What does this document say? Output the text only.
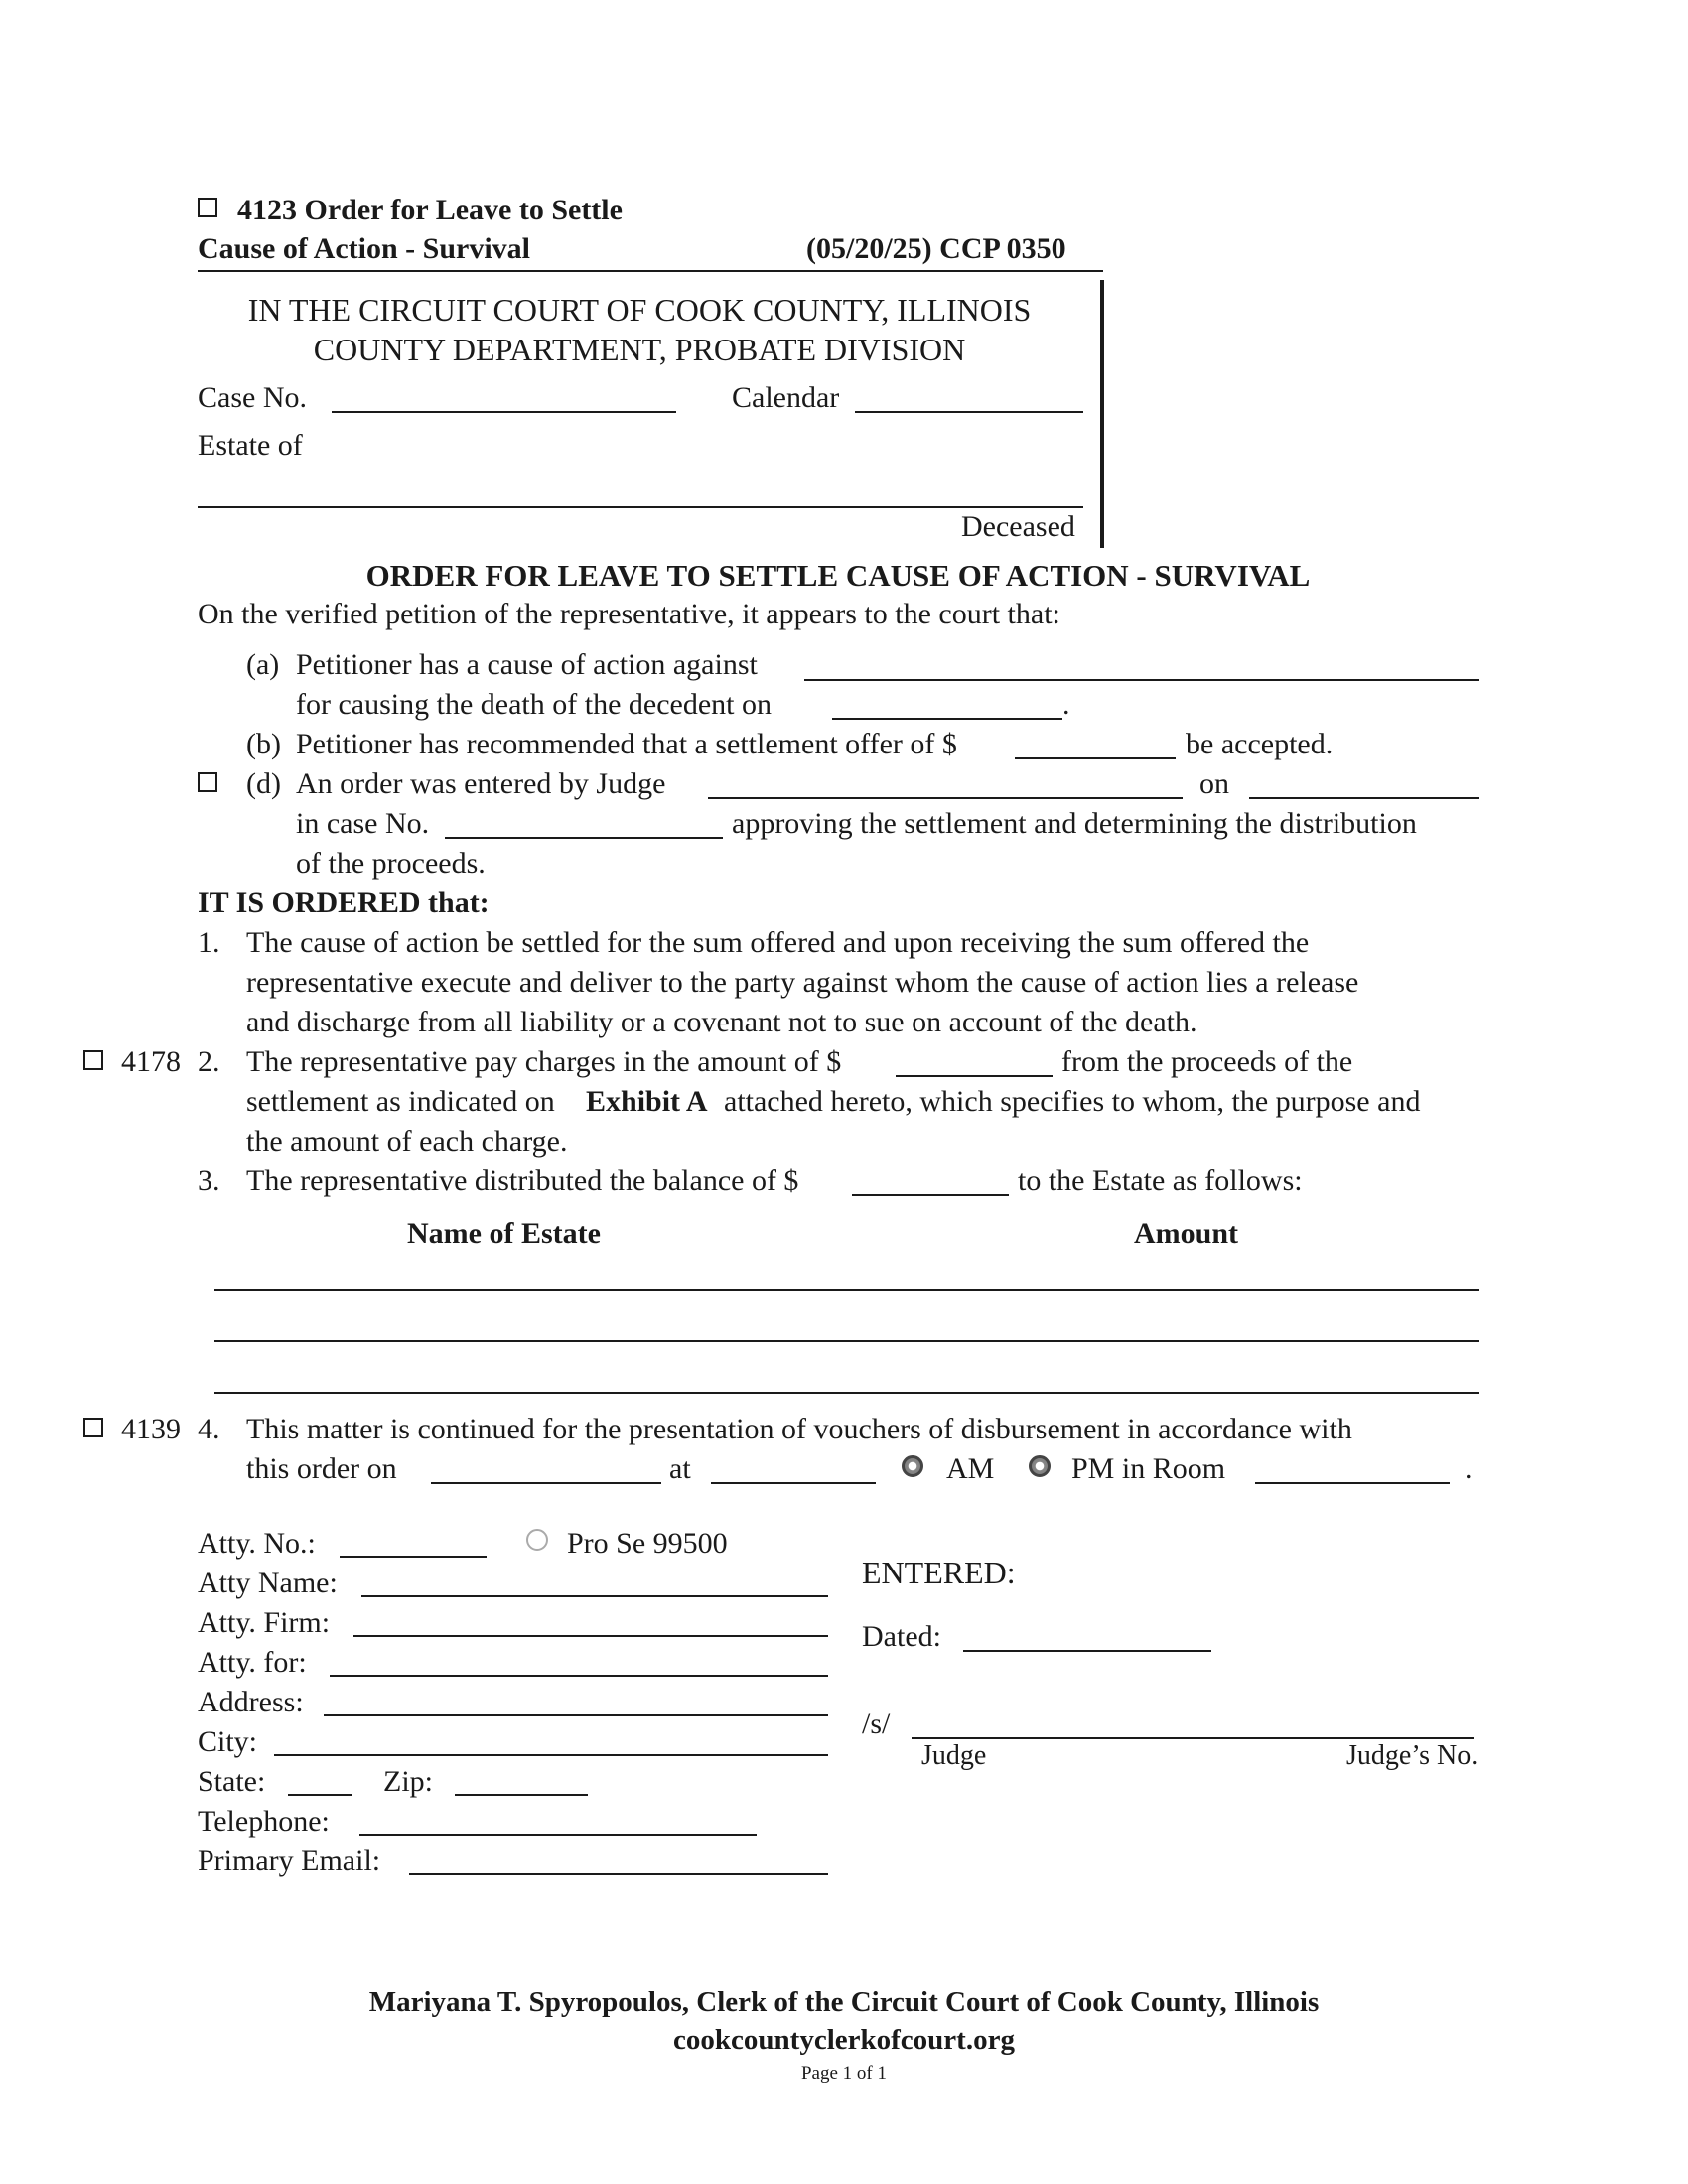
4123 Order for Leave to Settle
Cause of Action - Survival	(05/20/25) CCP 0350
IN THE CIRCUIT COURT OF COOK COUNTY, ILLINOIS
COUNTY DEPARTMENT, PROBATE DIVISION
Case No.	Calendar
Estate of
Deceased
ORDER FOR LEAVE TO SETTLE CAUSE OF ACTION - SURVIVAL
On the verified petition of the representative, it appears to the court that:
(a) Petitioner has a cause of action against
for causing the death of the decedent on	.
(b) Petitioner has recommended that a settlement offer of $	be accepted.
(d) An order was entered by Judge	on
in case No.	approving the settlement and determining the distribution
of the proceeds.
IT IS ORDERED that:
1. The cause of action be settled for the sum offered and upon receiving the sum offered the
representative execute and deliver to the party against whom the cause of action lies a release
and discharge from all liability or a covenant not to sue on account of the death.
4178 2. The representative pay charges in the amount of $	from the proceeds of the
settlement as indicated on Exhibit A attached hereto, which specifies to whom, the purpose and
the amount of each charge.
3. The representative distributed the balance of $	to the Estate as follows:
Name of Estate	Amount
4139 4. This matter is continued for the presentation of vouchers of disbursement in accordance with
this order on	at	AM	PM in Room	.
Atty. No.:	Pro Se 99500
Atty Name:
Atty. Firm:
Atty. for:
Address:
City:
State:	Zip:
Telephone:
Primary Email:
ENTERED:
Dated:
/s/
Judge	Judge’s No.
Mariyana T. Spyropoulos, Clerk of the Circuit Court of Cook County, Illinois
cookcountyclerkofcourt.org
Page 1 of 1
